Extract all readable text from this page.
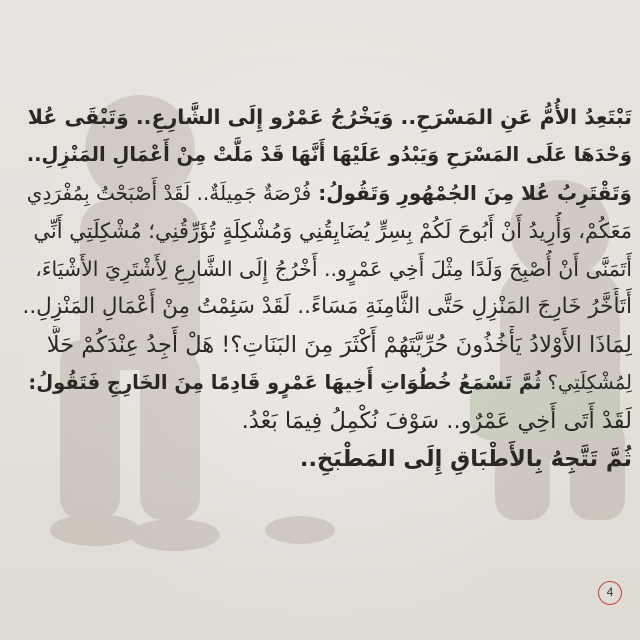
تَبْتَعِدُ الأُمُّ عَنِ المَسْرَحِ.. وَيَخْرُجُ عَمْرٌو إِلَى الشَّارِعِ.. وَتَبْقَى عُلا
وَحْدَهَا عَلَى المَسْرَحِ وَيَبْدُو عَلَيْهَا أَنَّهَا قَدْ مَلَّتْ مِنْ أَعْمَالِ المَنْزِلِ..
وَتَقْتَرِبُ عُلا مِنَ الجُمْهُورِ وَتَقُولُ: فُرْصَةٌ جَمِيلَةٌ.. لَقَدْ أَصْبَحْتُ بِمُفْرَدِي
مَعَكُمْ، وَأُرِيدُ أَنْ أَبُوحَ لَكُمْ بِسِرٍّ يُضَايِقُنِي وَمُشْكِلَةٍ تُؤَرِّقُنِي؛ مُشْكِلَتِي أَنِّي
أَتَمَنَّى أَنْ أُصْبِحَ وَلَدًا مِثْلَ أَخِي عَمْرٍو.. أَخْرُجُ إِلَى الشَّارِعِ لِأَشْتَرِيَ الأَشْيَاءَ،
أَتَأَخَّرُ خَارِجَ المَنْزِلِ حَتَّى الثَّامِنَةِ مَسَاءً.. لَقَدْ سَئِمْتُ مِنْ أَعْمَالِ المَنْزِلِ..
لِمَاذَا الأَوْلادُ يَأْخُذُونَ حُرِّيَّتَهُمْ أَكْثَرَ مِنَ البَنَاتِ؟! هَلْ أَجِدُ عِنْدَكُمْ حَلًّا
لِمُشْكِلَتِي؟ ثُمَّ تَسْمَعُ خُطُوَاتِ أَخِيهَا عَمْرٍو قَادِمًا مِنَ الخَارِجِ فَتَقُولُ:
لَقَدْ أَتَى أَخِي عَمْرٌو.. سَوْفَ نُكْمِلُ فِيمَا بَعْدُ.
ثُمَّ تَتَّجِهُ بِالأَطْبَاقِ إِلَى المَطْبَخِ..
4
